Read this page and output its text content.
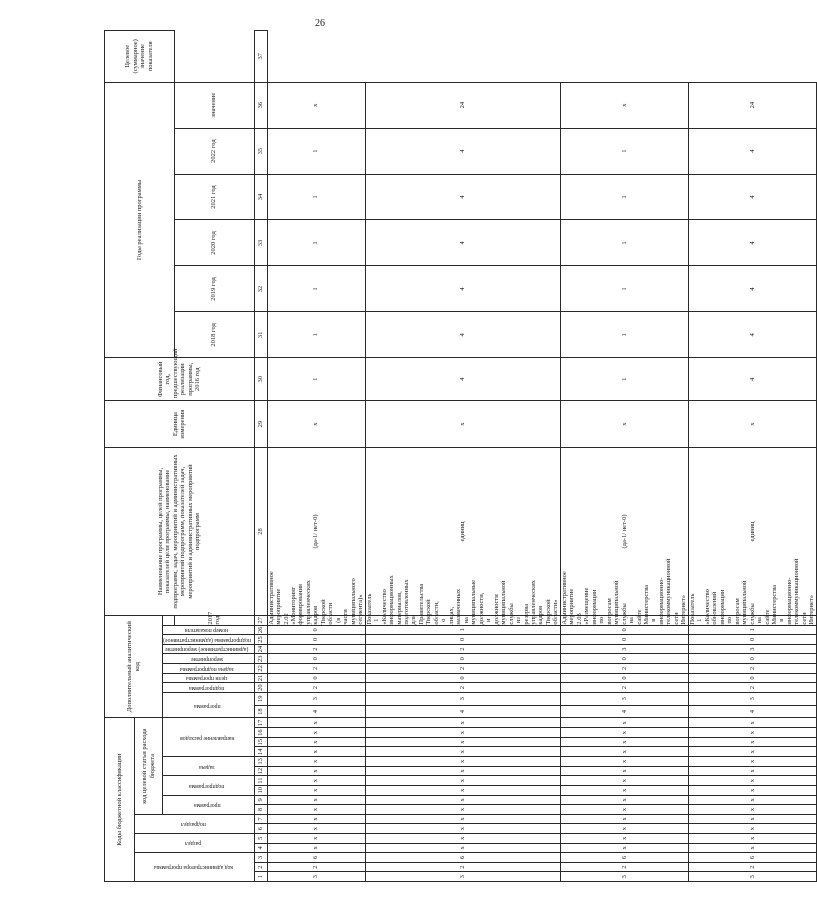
26
Коды бюджетной классификации																	Дополнительный аналитический код										Наименование программы, целей программы, показателей цели программы, наименование подпрограмм, задач, мероприятий и административных мероприятий подпрограмм, показателей задач, мероприятий и административных мероприятий подпрограмм	Единица измерения	Финансовый год, предшествующий реализации программы, 2016 год	Годы реализации программы						Целевое (суммарное) значение показателя
код администратора программы			раздел		подраздел		код целевой статьи расхода бюджета																													
							программа		подпрограмма		задача		направление расходов				программа		подпрограмма	цели программы	задача подпрограммы	мероприятие	(административное) мероприятие	подпрограммы (административное)	номер показателя											
																										2017 год				2018 год	2019 год	2020 год	2021 год	2022 год	значение	
1	2	3	4	5	6	7	8	9	10	11	12	13	14	15	16	17	18	19	20	21	22	23	24	25	26	27	28	29	30	31	32	33	34	35	36	37
3	2	6	х	х	х	х	х	х	х	х	х	х	х	х	х	х	4	3	2	0	2	0	2	0	0	Административное мероприятие 2.02 «Мониторинг формирования управленческих кадров Тверской области (в части муниципального сегмента)»	(да-1/ нет-0)	х	1	1	1	1	1	1	х	
3	2	6	х	х	х	х	х	х	х	х	х	х	х	х	х	х	4	3	2	0	2	0	2	0	1	Показатель 1 «Количество информационных материалов, подготовленных для Правительства Тверской области, о лицах, назначенных на муниципальные должности, и должности муниципальной службы из резерва управленческих кадров Тверской области»	единиц	х	4	4	4	4	4	4	24	
3	2	6	х	х	х	х	х	х	х	х	х	х	х	х	х	х	4	3	2	0	2	0	3	0	0	Административное мероприятие 2.03 «Размещение информации по вопросам муниципальной службы на сайте Министерства в информационно-телекоммуникационной сети Интернет»	(да-1/ нет-0)	х	1	1	1	1	1	1	х	
3	2	6	х	х	х	х	х	х	х	х	х	х	х	х	х	х	4	3	2	0	2	0	3	0	1	Показатель 1 «Количество обновлений информации по вопросам муниципальной службы на сайте Министерства в информационно-телекоммуникационной сети Интернет»	единиц	х	4	4	4	4	4	4	24	
